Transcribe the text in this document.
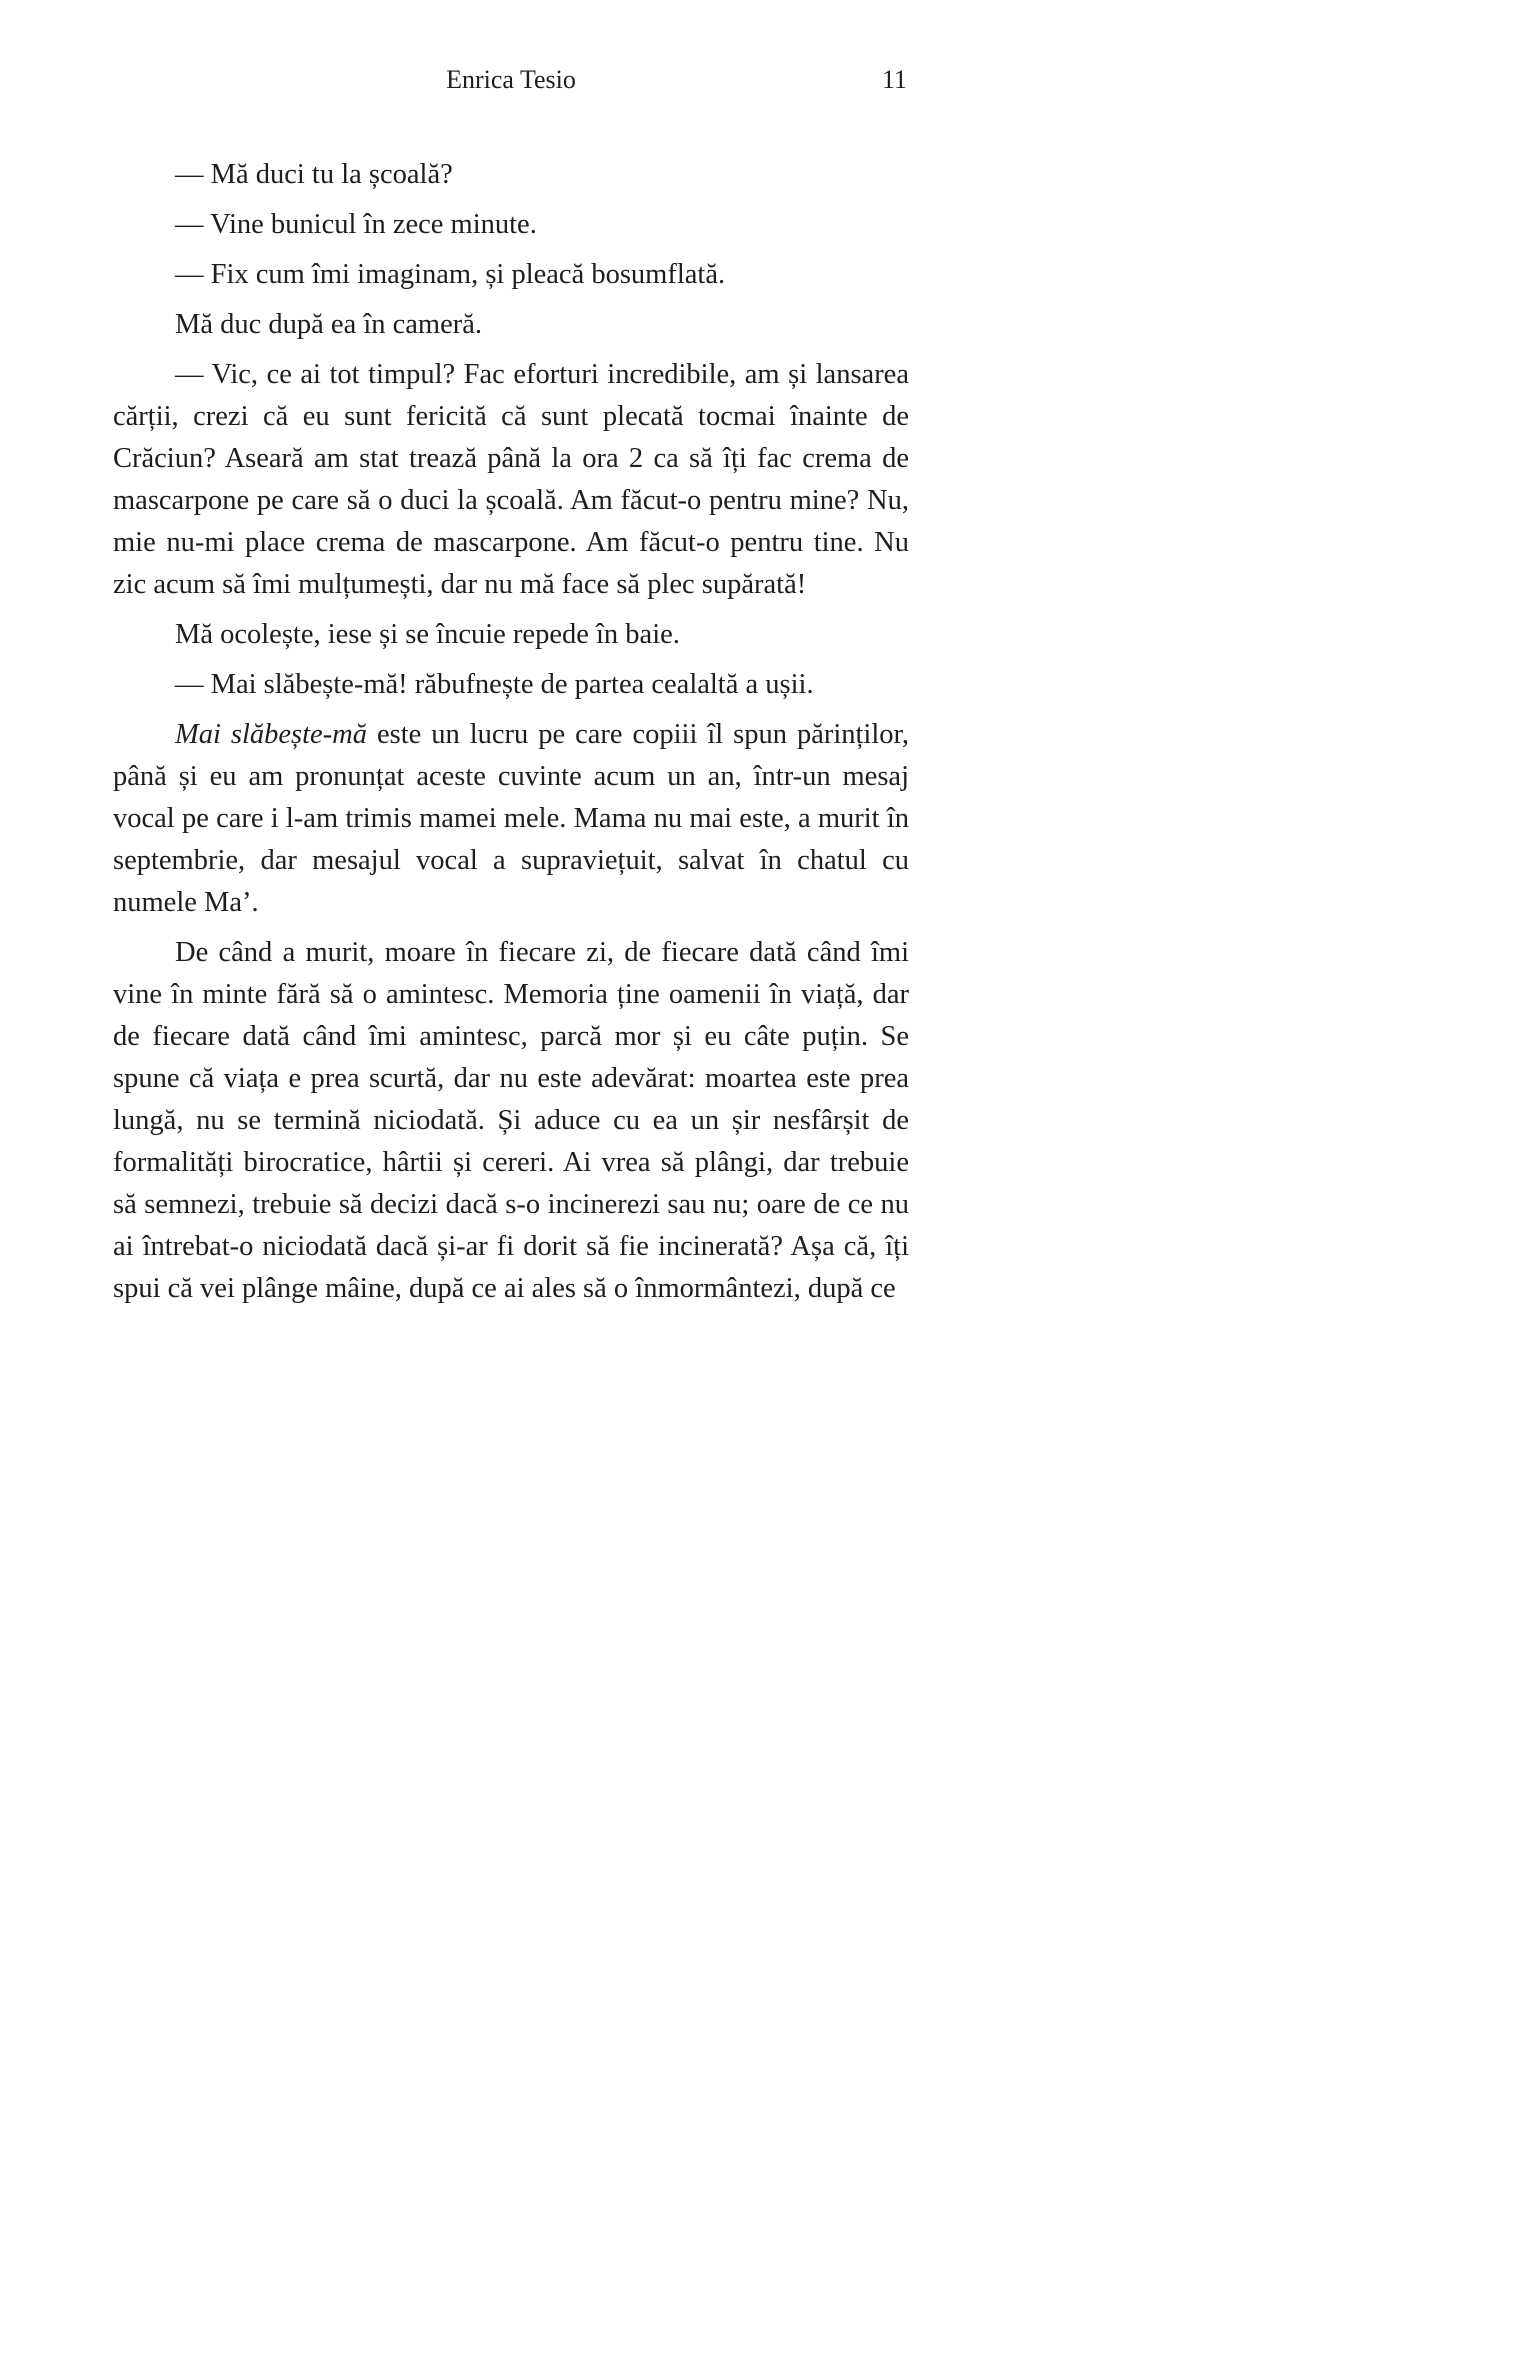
Enrica Tesio	11

— Mă duci tu la școală?

— Vine bunicul în zece minute.

— Fix cum îmi imaginam, și pleacă bosumflată.

Mă duc după ea în cameră.

— Vic, ce ai tot timpul? Fac eforturi incredibile, am și lansarea cărții, crezi că eu sunt fericită că sunt plecată tocmai înainte de Crăciun? Aseară am stat trează până la ora 2 ca să îți fac crema de mascarpone pe care să o duci la școală. Am făcut-o pentru mine? Nu, mie nu-mi place crema de mascarpone. Am făcut-o pentru tine. Nu zic acum să îmi mulțumești, dar nu mă face să plec supărată!

Mă ocolește, iese și se încuie repede în baie.

— Mai slăbește-mă! răbufnește de partea cealaltă a ușii.

Mai slăbește-mă este un lucru pe care copiii îl spun părinților, până și eu am pronunțat aceste cuvinte acum un an, într-un mesaj vocal pe care i l-am trimis mamei mele. Mama nu mai este, a murit în septembrie, dar mesajul vocal a supraviețuit, salvat în chatul cu numele Ma’.

De când a murit, moare în fiecare zi, de fiecare dată când îmi vine în minte fără să o amintesc. Memoria ține oamenii în viață, dar de fiecare dată când îmi amintesc, parcă mor și eu câte puțin. Se spune că viața e prea scurtă, dar nu este adevărat: moartea este prea lungă, nu se termină niciodată. Și aduce cu ea un șir nesfârșit de formalități birocratice, hârtii și cereri. Ai vrea să plângi, dar trebuie să semnezi, trebuie să decizi dacă s-o incinerezi sau nu; oare de ce nu ai întrebat-o niciodată dacă și-ar fi dorit să fie incinerată? Așa că, îți spui că vei plânge mâine, după ce ai ales să o înmormântezi, după ce
